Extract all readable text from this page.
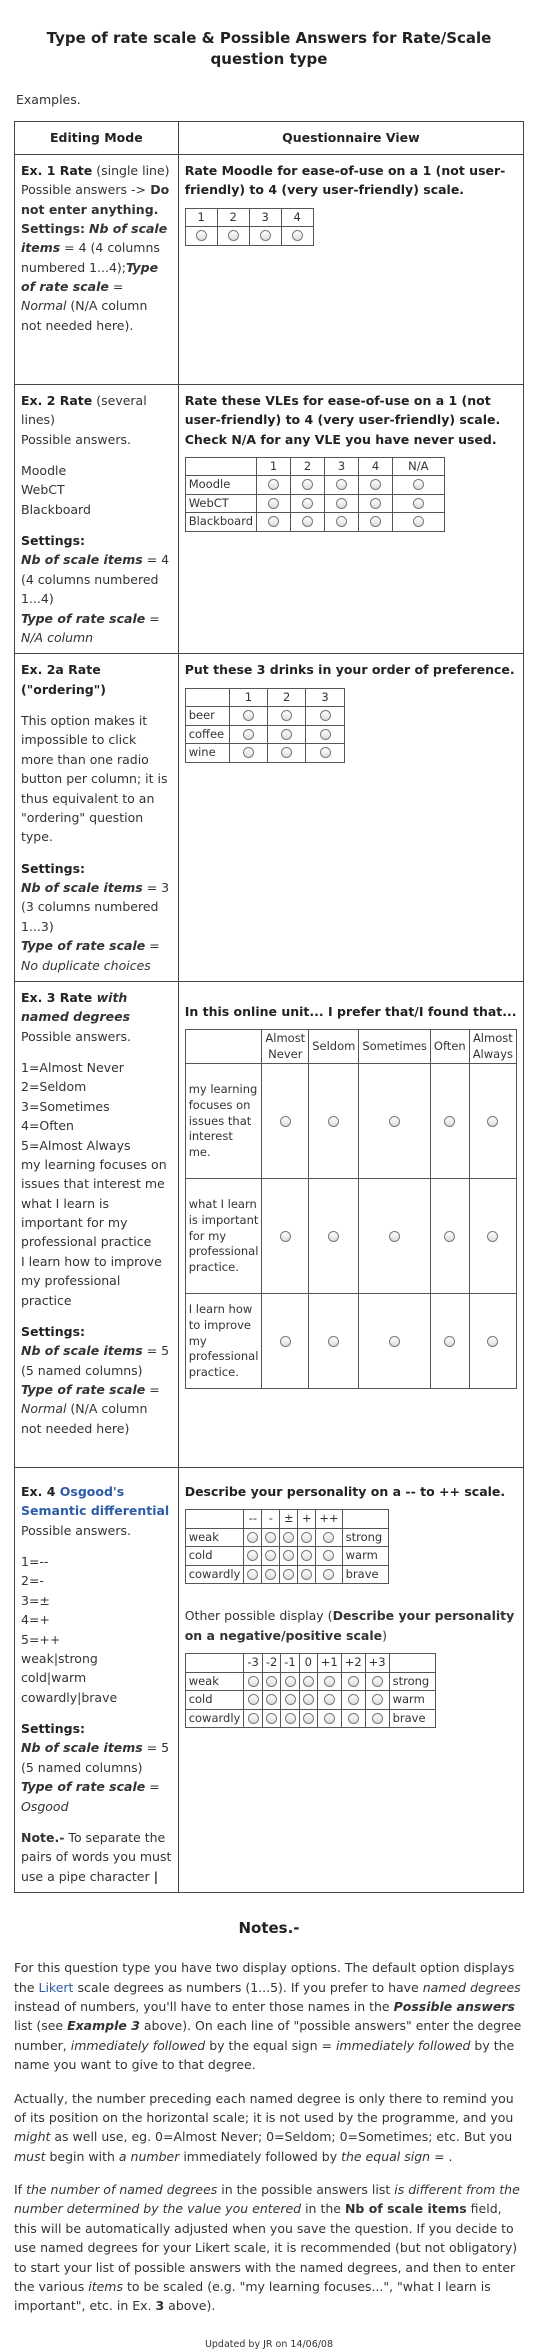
Type of rate scale & Possible Answers for Rate/Scale question type

Examples.

Editing Mode	Questionnaire View

Ex. 1 Rate (single line)

Possible answers -> Do not enter anything. Settings: Nb of scale items = 4 (4 columns numbered 1...4);Type of rate scale = Normal (N/A column not needed here).

Rate Moodle for ease-of-use on a 1 (not user-friendly) to 4 (very user-friendly) scale.
1	2	3	4

Ex. 2 Rate (several lines)

Possible answers.

Moodle

WebCT

Blackboard

Settings:

Nb of scale items = 4 (4 columns numbered 1...4)

Type of rate scale = N/A column

Rate these VLEs for ease-of-use on a 1 (not user-friendly) to 4 (very user-friendly) scale. Check N/A for any VLE you have never used.
	1	2	3	4	N/A
Moodle					
WebCT					
Blackboard					

Ex. 2a Rate ("ordering")

This option makes it impossible to click more than one radio button per column; it is thus equivalent to an "ordering" question type.

Settings:

Nb of scale items = 3 (3 columns numbered 1...3)

Type of rate scale = No duplicate choices

Put these 3 drinks in your order of preference.
	1	2	3
beer			
coffee			
wine			

Ex. 3 Rate with named degrees

Possible answers.

1=Almost Never

2=Seldom

3=Sometimes

4=Often

5=Almost Always

my learning focuses on issues that interest me

what I learn is important for my professional practice

I learn how to improve my professional practice

Settings:

Nb of scale items = 5 (5 named columns)

Type of rate scale = Normal (N/A column not needed here)

In this online unit... I prefer that/I found that...
	Almost Never	Seldom	Sometimes	Often	Almost Always
my learning focuses on issues that interest me.					
what I learn is important for my professional practice.					
I learn how to improve my professional practice.					

Ex. 4 Osgood's Semantic differential

Possible answers.

1=--

2=-

3=±

4=+

5=++

weak|strong

cold|warm

cowardly|brave

Settings:

Nb of scale items = 5 (5 named columns)

Type of rate scale = Osgood

Note.- To separate the pairs of words you must use a pipe character |

Describe your personality on a -- to ++ scale.
	--	-	±	+	++	
weak						strong
cold						warm
cowardly						brave

Other possible display (Describe your personality on a negative/positive scale)

	-3	-2	-1	0	+1	+2	+3	
weak								strong
cold								warm
cowardly								brave
Notes.-

For this question type you have two display options. The default option displays the Likert scale degrees as numbers (1...5). If you prefer to have named degrees instead of numbers, you'll have to enter those names in the Possible answers list (see Example 3 above). On each line of "possible answers" enter the degree number, immediately followed by the equal sign = immediately followed by the name you want to give to that degree.

Actually, the number preceding each named degree is only there to remind you of its position on the horizontal scale; it is not used by the programme, and you might as well use, eg. 0=Almost Never; 0=Seldom; 0=Sometimes; etc. But you must begin with a number immediately followed by the equal sign = .

If the number of named degrees in the possible answers list is different from the number determined by the value you entered in the Nb of scale items field, this will be automatically adjusted when you save the question. If you decide to use named degrees for your Likert scale, it is recommended (but not obligatory) to start your list of possible answers with the named degrees, and then to enter the various items to be scaled (e.g. "my learning focuses...", "what I learn is important", etc. in Ex. 3 above).

Updated by JR on 14/06/08
